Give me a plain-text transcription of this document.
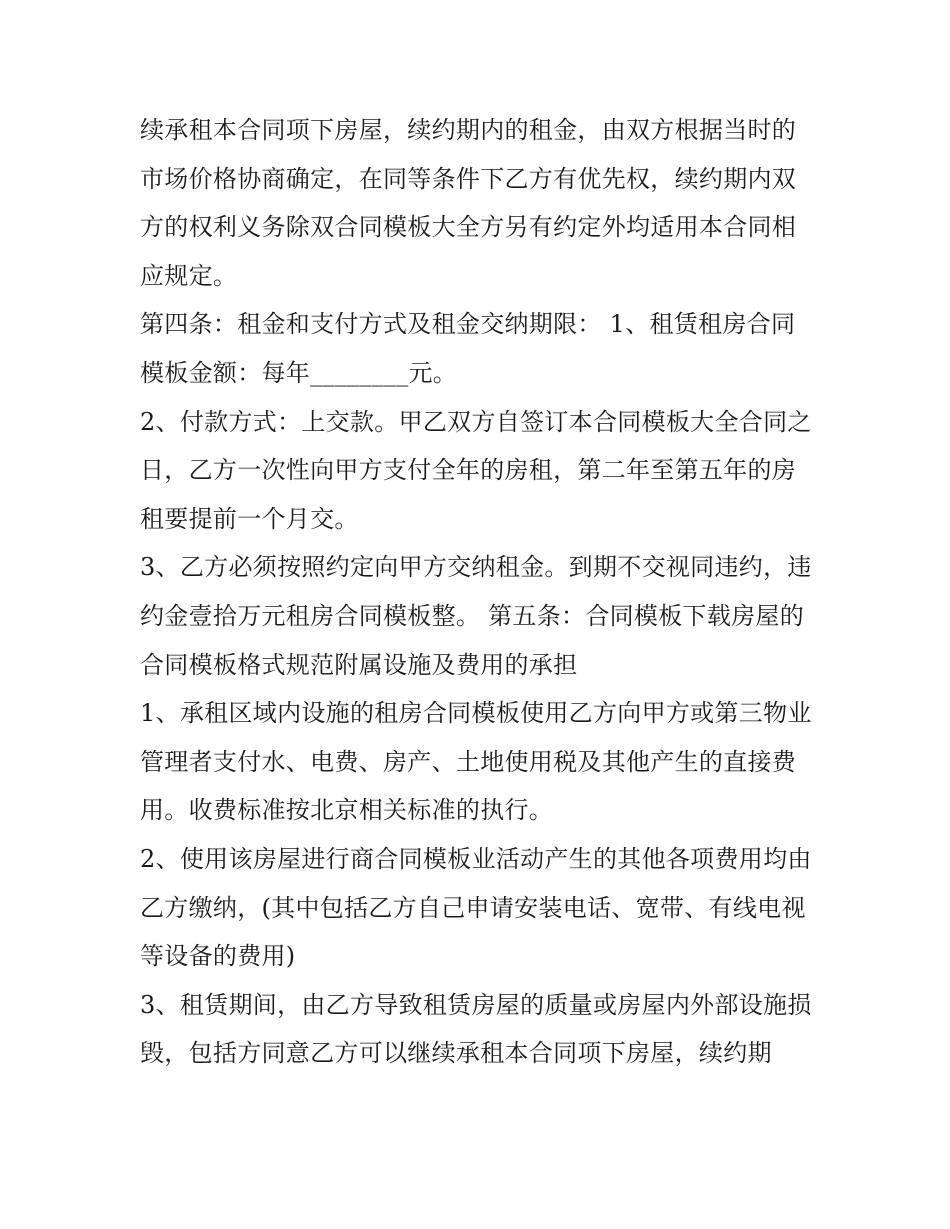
续承租本合同项下房屋，续约期内的租金，由双方根据当时的市场价格协商确定，在同等条件下乙方有优先权，续约期内双方的权利义务除双合同模板大全方另有约定外均适用本合同相应规定。

第四条：租金和支付方式及租金交纳期限： 1、租赁租房合同模板金额：每年________元。

2、付款方式：上交款。甲乙双方自签订本合同模板大全合同之日，乙方一次性向甲方支付全年的房租，第二年至第五年的房租要提前一个月交。

3、乙方必须按照约定向甲方交纳租金。到期不交视同违约，违约金壹拾万元租房合同模板整。 第五条：合同模板下载房屋的合同模板格式规范附属设施及费用的承担

1、承租区域内设施的租房合同模板使用乙方向甲方或第三物业管理者支付水、电费、房产、土地使用税及其他产生的直接费用。收费标准按北京相关标准的执行。

2、使用该房屋进行商合同模板业活动产生的其他各项费用均由乙方缴纳，(其中包括乙方自己申请安装电话、宽带、有线电视等设备的费用)

3、租赁期间，由乙方导致租赁房屋的质量或房屋内外部设施损毁，包括方同意乙方可以继续承租本合同项下房屋，续约期
